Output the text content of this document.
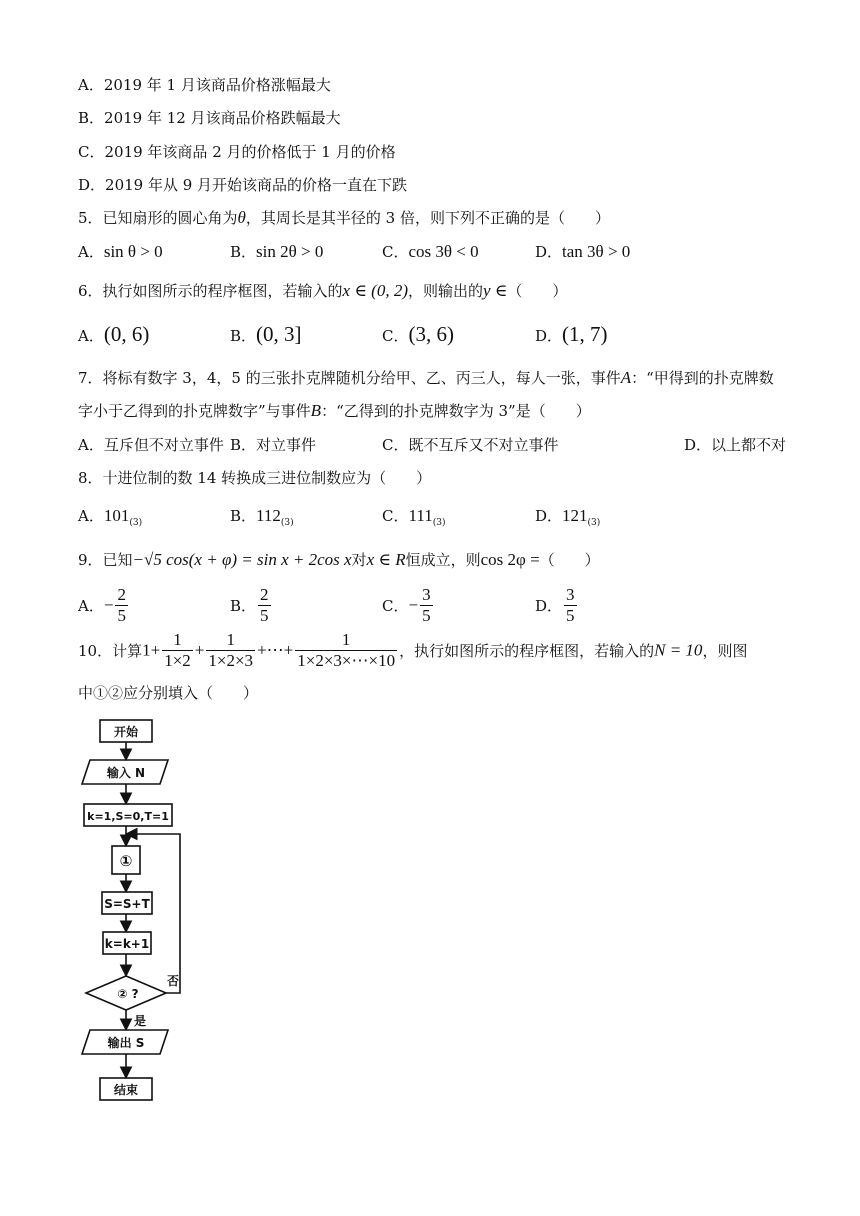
A．2019 年 1 月该商品价格涨幅最大
B．2019 年 12 月该商品价格跌幅最大
C．2019 年该商品 2 月的价格低于 1 月的价格
D．2019 年从 9 月开始该商品的价格一直在下跌
5．已知扇形的圆心角为θ，其周长是其半径的 3 倍，则下列不正确的是（　　）
A．sin θ > 0	B．sin 2θ > 0	C．cos 3θ < 0	D．tan 3θ > 0
6．执行如图所示的程序框图，若输入的x ∈ (0, 2)，则输出的y ∈（　　）
A．(0, 6)	B．(0, 3]	C．(3, 6)	D．(1, 7)
7．将标有数字 3，4，5 的三张扑克牌随机分给甲、乙、丙三人，每人一张，事件A：“甲得到的扑克牌数
字小于乙得到的扑克牌数字”与事件B：“乙得到的扑克牌数字为 3”是（　　）
A．互斥但不对立事件 B．对立事件	C．既不互斥又不对立事件	D．以上都不对
8．十进位制的数 14 转换成三进位制数应为（　　）
A．$101_{(3)}$	B．$112_{(3)}$	C．$111_{(3)}$	D．$121_{(3)}$
9．已知−√5 cos(x + φ) = sin x + 2cos x对x ∈ R恒成立，则cos 2φ =（　　）
A．− $\frac{2}{5}$	B． $\frac{2}{5}$	C．− $\frac{3}{5}$	D． $\frac{3}{5}$
10．计算$1+ \frac{1}{1\times 2} + \frac{1}{1\times 2\times 3}$ +⋯+ $\frac{1}{1\times 2\times 3\times\cdots\times 10}$ ，执行如图所示的程序框图，若输入的N = 10，则图
中①②应分别填入（　　）
开始
输入 N
k=1,S=0,T=1
①
S=S+T
k=k+1
② ?
否
是
输出 S
结束
